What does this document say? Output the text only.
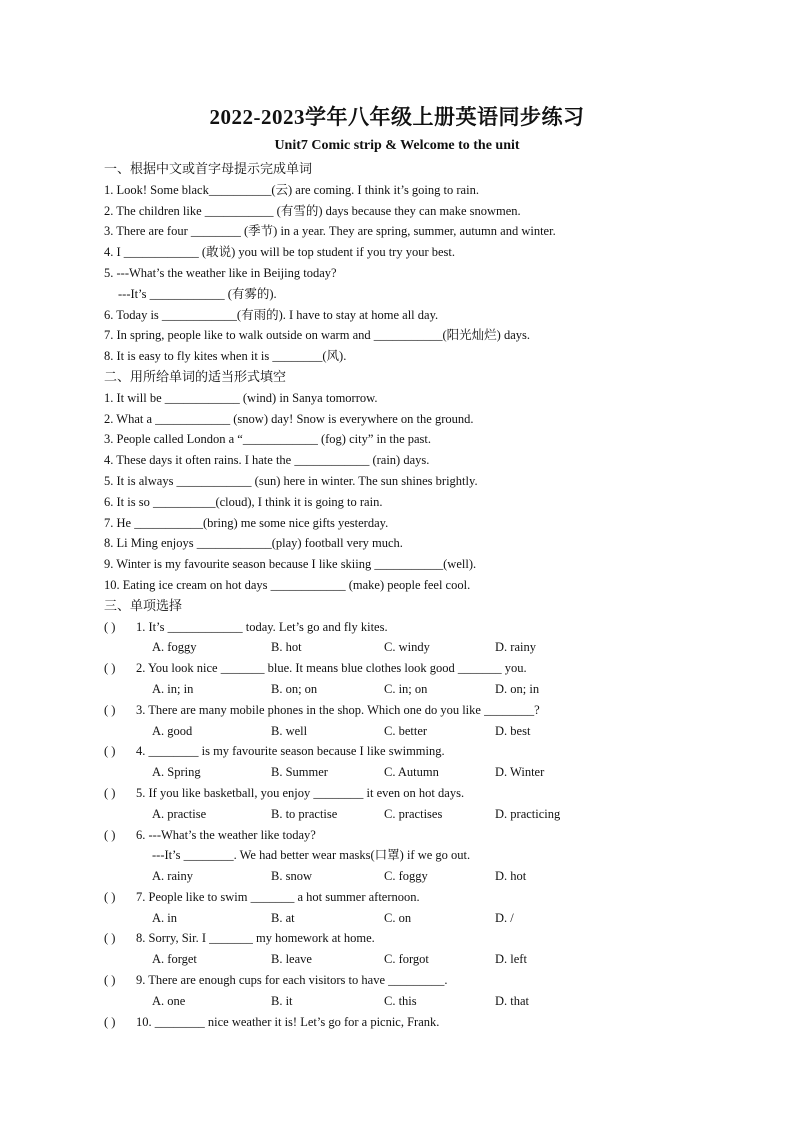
2022-2023学年八年级上册英语同步练习
Unit7 Comic strip & Welcome to the unit
一、根据中文或首字母提示完成单词
1. Look! Some black__________(云) are coming. I think it’s going to rain.
2. The children like ___________ (有雪的) days because they can make snowmen.
3. There are four ________ (季节) in a year. They are spring, summer, autumn and winter.
4. I ____________ (敢说) you will be top student if you try your best.
5. ---What’s the weather like in Beijing today?
---It’s ____________ (有雾的).
6. Today is ____________(有雨的). I have to stay at home all day.
7. In spring, people like to walk outside on warm and ___________(阳光灿烂) days.
8. It is easy to fly kites when it is ________(风).
二、用所给单词的适当形式填空
1. It will be ____________ (wind) in Sanya tomorrow.
2. What a ____________ (snow) day! Snow is everywhere on the ground.
3. People called London a “____________ (fog) city” in the past.
4. These days it often rains. I hate the ____________ (rain) days.
5. It is always ____________ (sun) here in winter. The sun shines brightly.
6. It is so __________(cloud), I think it is going to rain.
7. He ___________(bring) me some nice gifts yesterday.
8. Li Ming enjoys ____________(play) football very much.
9. Winter is my favourite season because I like skiing ___________(well).
10. Eating ice cream on hot days ____________ (make) people feel cool.
三、单项选择
( ) 1. It’s ____________ today. Let’s go and fly kites.
A. foggy	B. hot	C. windy	D. rainy
( ) 2. You look nice _______ blue. It means blue clothes look good _______ you.
A. in; in	B. on; on	C. in; on	D. on; in
( ) 3. There are many mobile phones in the shop. Which one do you like ________?
A. good	B. well	C. better	D. best
( ) 4. ________ is my favourite season because I like swimming.
A. Spring	B. Summer	C. Autumn	D. Winter
( ) 5. If you like basketball, you enjoy ________ it even on hot days.
A. practise	B. to practise	C. practises	D. practicing
( ) 6. ---What’s the weather like today?
---It’s ________. We had better wear masks(口罩) if we go out.
A. rainy	B. snow	C. foggy	D. hot
( ) 7. People like to swim _______ a hot summer afternoon.
A. in	B. at	C. on	D. /
( ) 8. Sorry, Sir. I _______ my homework at home.
A. forget	B. leave	C. forgot	D. left
( ) 9. There are enough cups for each visitors to have _________.
A. one	B. it	C. this	D. that
( ) 10. ________ nice weather it is! Let’s go for a picnic, Frank.
